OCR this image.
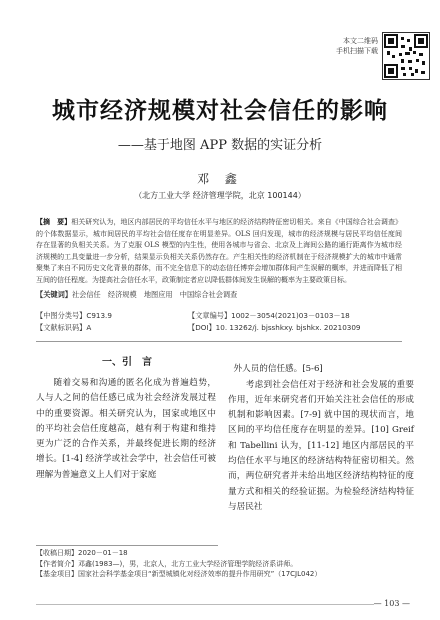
本文二维码
手机扫描下载
城市经济规模对社会信任的影响
——基于地图 APP 数据的实证分析
邓 鑫
（北方工业大学 经济管理学院，北京 100144）
【摘　要】相关研究认为，地区内部居民的平均信任水平与地区的经济结构特征密切相关。来自《中国综合社会调查》的个体数据显示，城市间居民的平均社会信任度存在明显差异。OLS 回归发现，城市的经济规模与居民平均信任度间存在显著的负相关关系。为了克服 OLS 模型的内生性，使用各城市与省会、北京及上海间公路的通行距离作为城市经济规模的工具变量进一步分析，结果显示负相关关系仍然存在。产生相关性的经济机制在于经济规模扩大的城市中通常聚集了来自不同历史文化背景的群体，而不完全信息下的动态信任博弈会增加群体间产生误解的概率，并进而降低了相互间的信任程度。为提高社会信任水平，政策制定者应以降低群体间发生误解的概率为主要政策目标。
【关键词】社会信任　经济规模　地图应用　中国综合社会调查
【中图分类号】C913.9	【文章编号】1002－3054(2021)03－0103－18
【文献标识码】A	【DOI】10. 13262/j. bjsshkxy. bjshkx. 20210309
一、引　言
随着交易和沟通的匿名化成为普遍趋势，人与人之间的信任感已成为社会经济发展过程中的重要资源。相关研究认为，国家或地区中的平均社会信任度越高，越有利于构建和维持更为广泛的合作关系，并最终促进长期的经济增长。[1-4] 经济学或社会学中，社会信任可被理解为普遍意义上人们对于家庭

外人员的信任感。[5-6]
　　考虑到社会信任对于经济和社会发展的重要作用，近年来研究者们开始关注社会信任的形成机制和影响因素。[7-9] 就中国的现状而言，地区间的平均信任度存在明显的差异。[10] Greif 和 Tabellini 认为，[11-12] 地区内部居民的平均信任水平与地区的经济结构特征密切相关。然而，两位研究者并未给出地区经济结构特征的度量方式和相关的经验证据。为检验经济结构特征与居民社

【收稿日期】2020－01－18
【作者简介】邓鑫(1983—)，男，北京人，北方工业大学经济管理学院经济系讲师。
【基金项目】国家社会科学基金项目“新型城镇化对经济效率的提升作用研究”（17CJL042）
— 103 —
